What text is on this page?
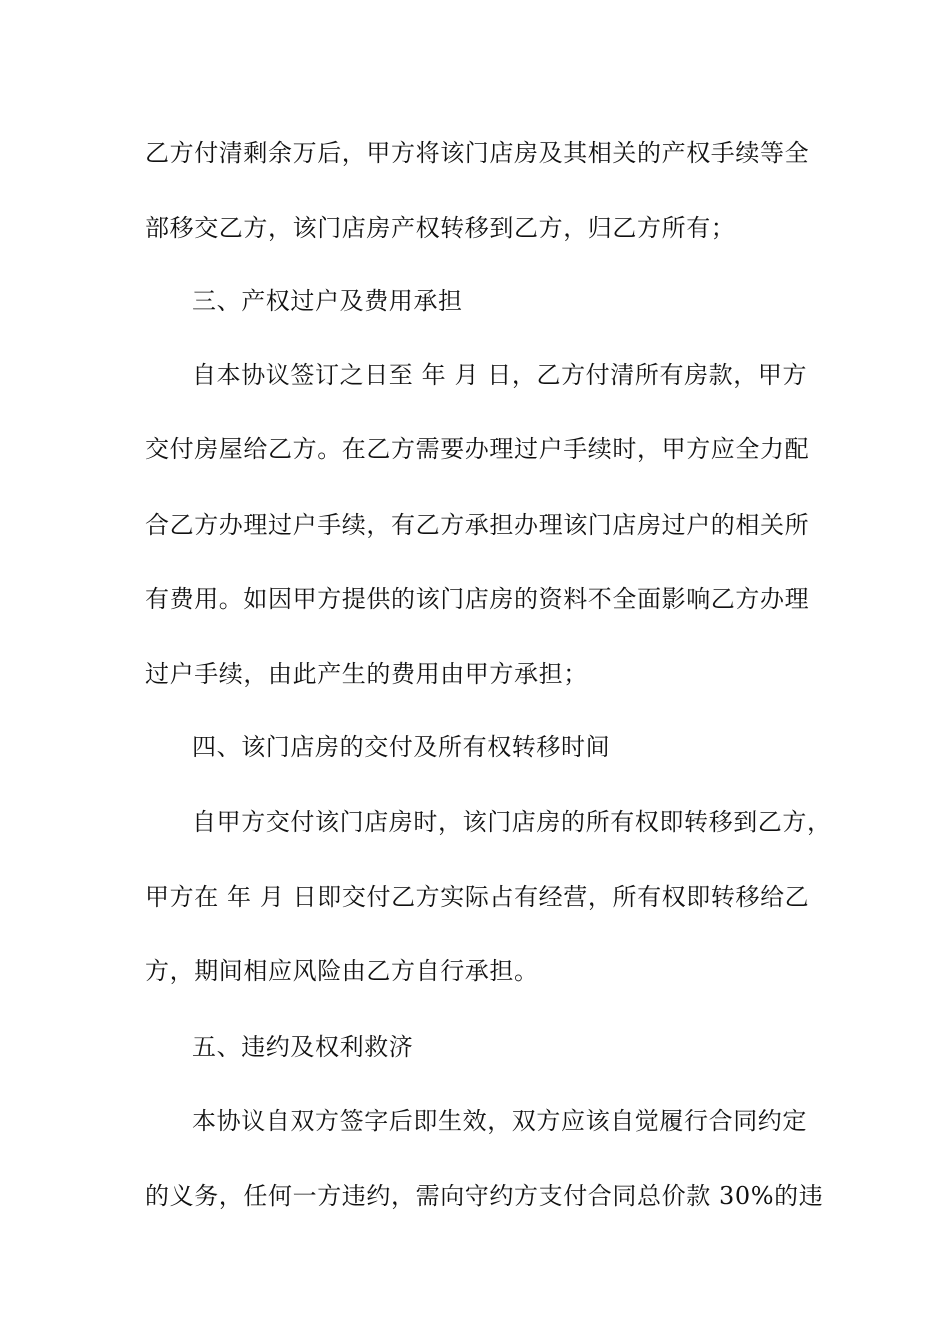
乙方付清剩余万后，甲方将该门店房及其相关的产权手续等全
部移交乙方，该门店房产权转移到乙方，归乙方所有；
三、产权过户及费用承担
自本协议签订之日至 年 月 日，乙方付清所有房款，甲方
交付房屋给乙方。在乙方需要办理过户手续时，甲方应全力配
合乙方办理过户手续，有乙方承担办理该门店房过户的相关所
有费用。如因甲方提供的该门店房的资料不全面影响乙方办理
过户手续，由此产生的费用由甲方承担；
四、该门店房的交付及所有权转移时间
自甲方交付该门店房时，该门店房的所有权即转移到乙方，
甲方在 年 月 日即交付乙方实际占有经营，所有权即转移给乙
方，期间相应风险由乙方自行承担。
五、违约及权利救济
本协议自双方签字后即生效，双方应该自觉履行合同约定
的义务，任何一方违约，需向守约方支付合同总价款 30%的违
